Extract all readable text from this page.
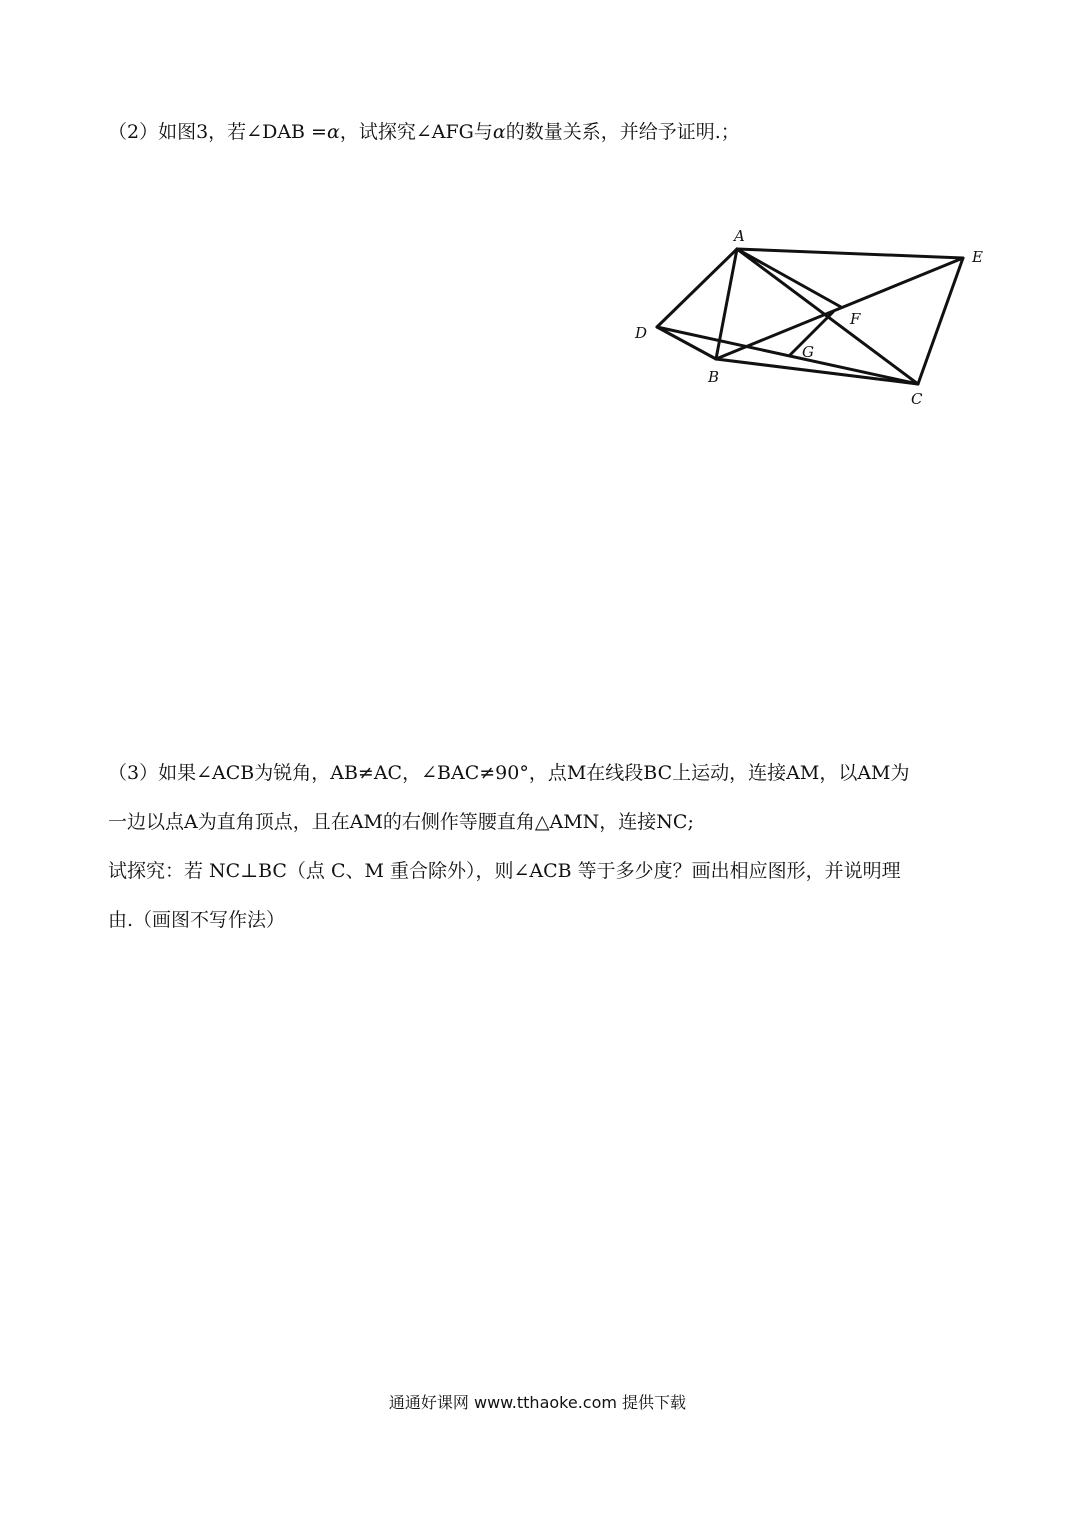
（2）如图3，若∠DAB =α，试探究∠AFG与α的数量关系，并给予证明.；
A
E
D
F
G
B
C
（3）如果∠ACB为锐角，AB≠AC，∠BAC≠90°，点M在线段BC上运动，连接AM，以AM为
一边以点A为直角顶点，且在AM的右侧作等腰直角△AMN，连接NC;
试探究：若 NC⊥BC（点 C、M 重合除外），则∠ACB 等于多少度？画出相应图形，并说明理
由.（画图不写作法）
通通好课网 www.tthaoke.com 提供下载
